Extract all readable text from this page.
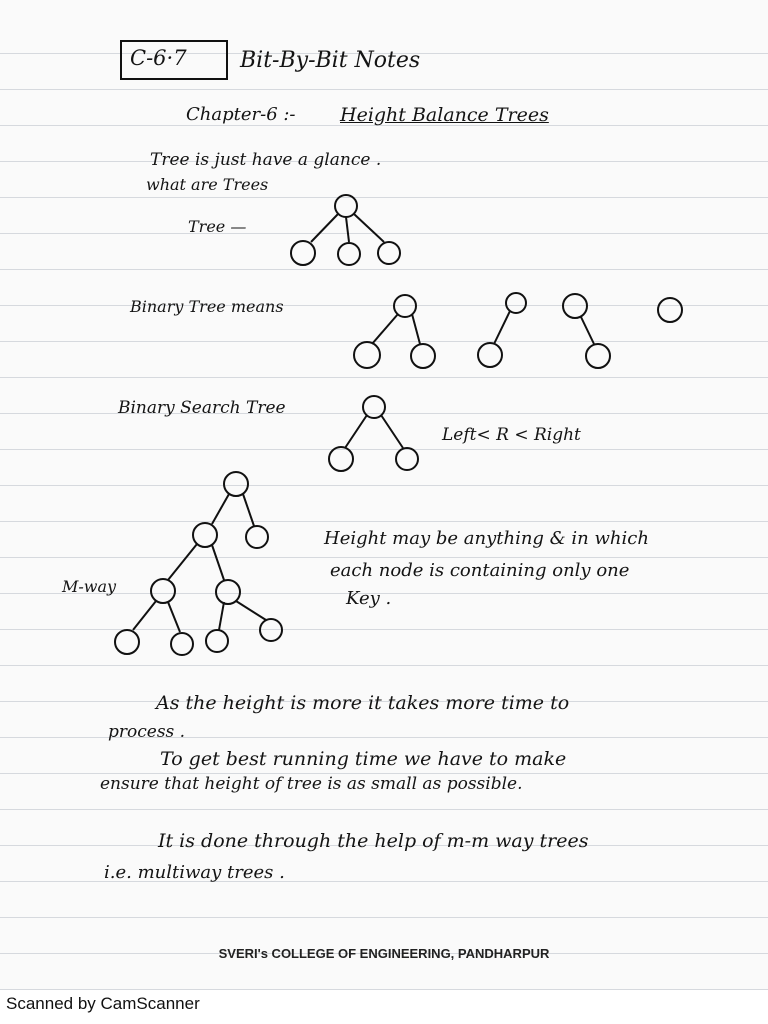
C-6·7 Bit-By-Bit Notes
Chapter-6 :- Height Balance Trees
Tree is just have a glance .
what are Trees
Tree —
Binary Tree means
Binary Search Tree
Left< R < Right
M-way
Height may be anything & in which
each node is containing only one
Key .
As the height is more it takes more time to
process .
To get best running time we have to make
ensure that height of tree is as small as possible.
It is done through the help of m-m way trees
i.e. multiway trees .
SVERI's COLLEGE OF ENGINEERING, PANDHARPUR
Scanned by CamScanner
